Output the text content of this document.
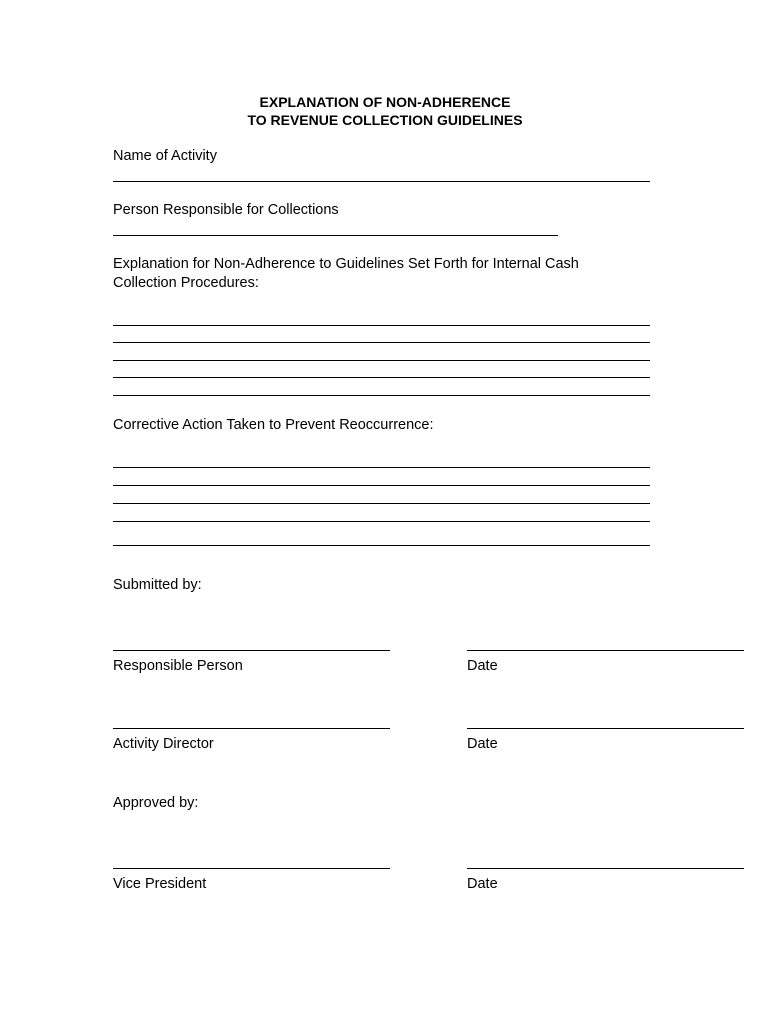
EXPLANATION OF NON-ADHERENCE
TO REVENUE COLLECTION GUIDELINES
Name of Activity
Person Responsible for Collections
Explanation for Non-Adherence to Guidelines Set Forth for Internal Cash
Collection Procedures:
Corrective Action Taken to Prevent Reoccurrence:
Submitted by:
Responsible Person	Date
Activity Director	Date
Approved by:
Vice President	Date
